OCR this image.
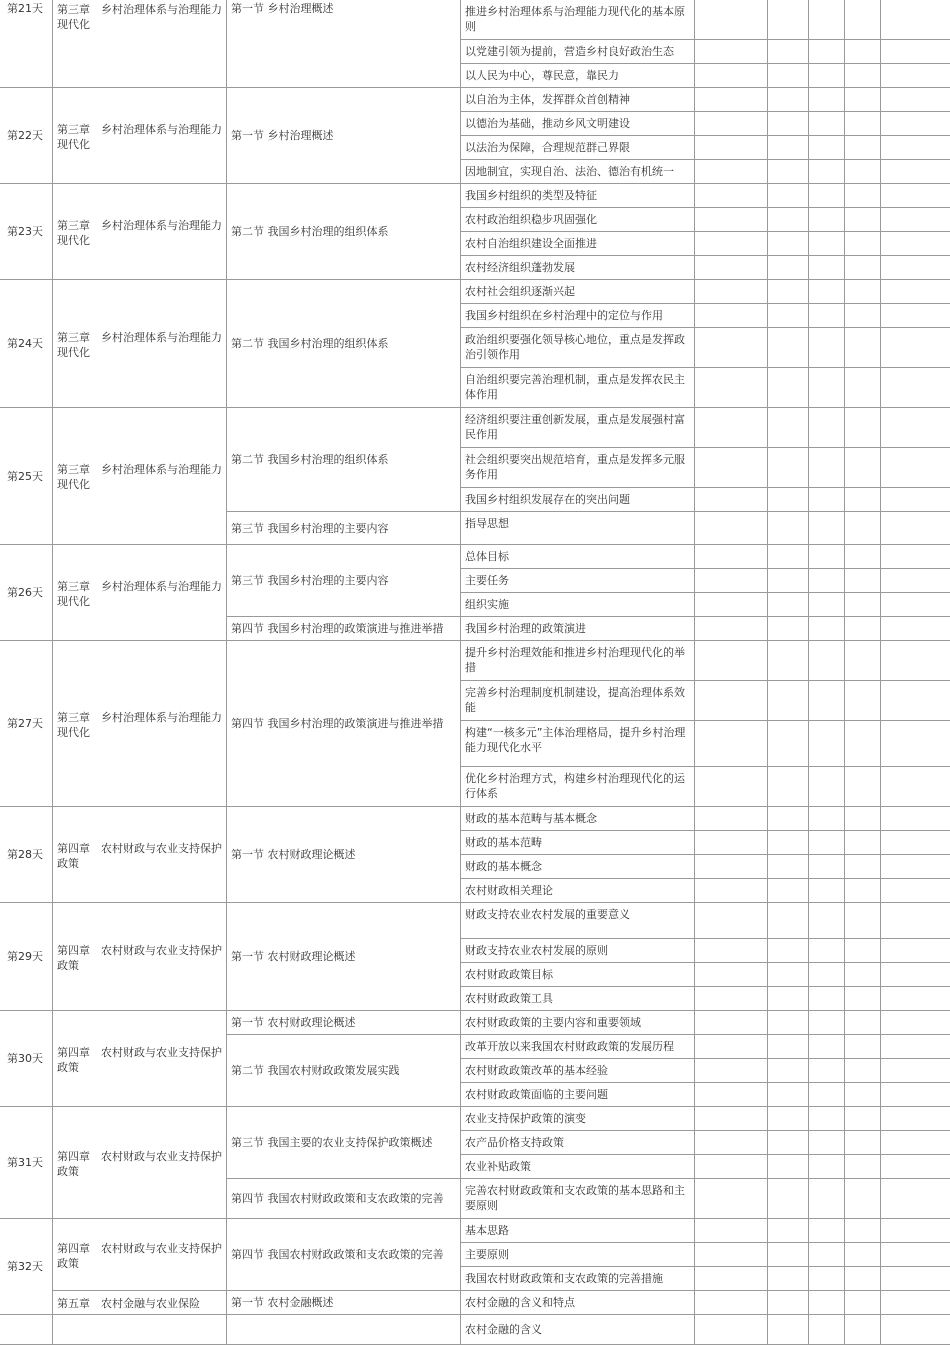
推进乡村治理体系与治理能力现代化的基本原则
以党建引领为提前，营造乡村良好政治生态
以人民为中心，尊民意，靠民力
第一节 乡村治理概述
第三章　乡村治理体系与治理能力现代化
第21天
以自治为主体，发挥群众首创精神
以德治为基础，推动乡风文明建设
以法治为保障，合理规范群己界限
因地制宜，实现自治、法治、德治有机统一
第一节 乡村治理概述
第三章　乡村治理体系与治理能力现代化
第22天
我国乡村组织的类型及特征
农村政治组织稳步巩固强化
农村自治组织建设全面推进
农村经济组织蓬勃发展
第二节 我国乡村治理的组织体系
第三章　乡村治理体系与治理能力现代化
第23天
农村社会组织逐渐兴起
我国乡村组织在乡村治理中的定位与作用
政治组织要强化领导核心地位，重点是发挥政治引领作用
自治组织要完善治理机制，重点是发挥农民主体作用
第二节 我国乡村治理的组织体系
第三章　乡村治理体系与治理能力现代化
第24天
经济组织要注重创新发展，重点是发展强村富民作用
社会组织要突出规范培育，重点是发挥多元服务作用
我国乡村组织发展存在的突出问题
第二节 我国乡村治理的组织体系
指导思想
第三节 我国乡村治理的主要内容
第三章　乡村治理体系与治理能力现代化
第25天
总体目标
主要任务
组织实施
第三节 我国乡村治理的主要内容
我国乡村治理的政策演进
第四节 我国乡村治理的政策演进与推进举措
第三章　乡村治理体系与治理能力现代化
第26天
提升乡村治理效能和推进乡村治理现代化的举措
完善乡村治理制度机制建设，提高治理体系效能
构建“一核多元”主体治理格局，提升乡村治理能力现代化水平
优化乡村治理方式，构建乡村治理现代化的运行体系
第四节 我国乡村治理的政策演进与推进举措
第三章　乡村治理体系与治理能力现代化
第27天
财政的基本范畴与基本概念
财政的基本范畴
财政的基本概念
农村财政相关理论
第一节 农村财政理论概述
第四章　农村财政与农业支持保护政策
第28天
财政支持农业农村发展的重要意义
财政支持农业农村发展的原则
农村财政政策目标
农村财政政策工具
第一节 农村财政理论概述
第四章　农村财政与农业支持保护政策
第29天
农村财政政策的主要内容和重要领域
第一节 农村财政理论概述
改革开放以来我国农村财政政策的发展历程
农村财政政策改革的基本经验
农村财政政策面临的主要问题
第二节 我国农村财政政策发展实践
第四章　农村财政与农业支持保护政策
第30天
农业支持保护政策的演变
农产品价格支持政策
农业补贴政策
第三节 我国主要的农业支持保护政策概述
完善农村财政政策和支农政策的基本思路和主要原则
第四节 我国农村财政政策和支农政策的完善
第四章　农村财政与农业支持保护政策
第31天
基本思路
主要原则
我国农村财政政策和支农政策的完善措施
第四节 我国农村财政政策和支农政策的完善
农村金融的含义和特点
第一节 农村金融概述
第四章　农村财政与农业支持保护政策
第五章　农村金融与农业保险
第32天
农村金融的含义
